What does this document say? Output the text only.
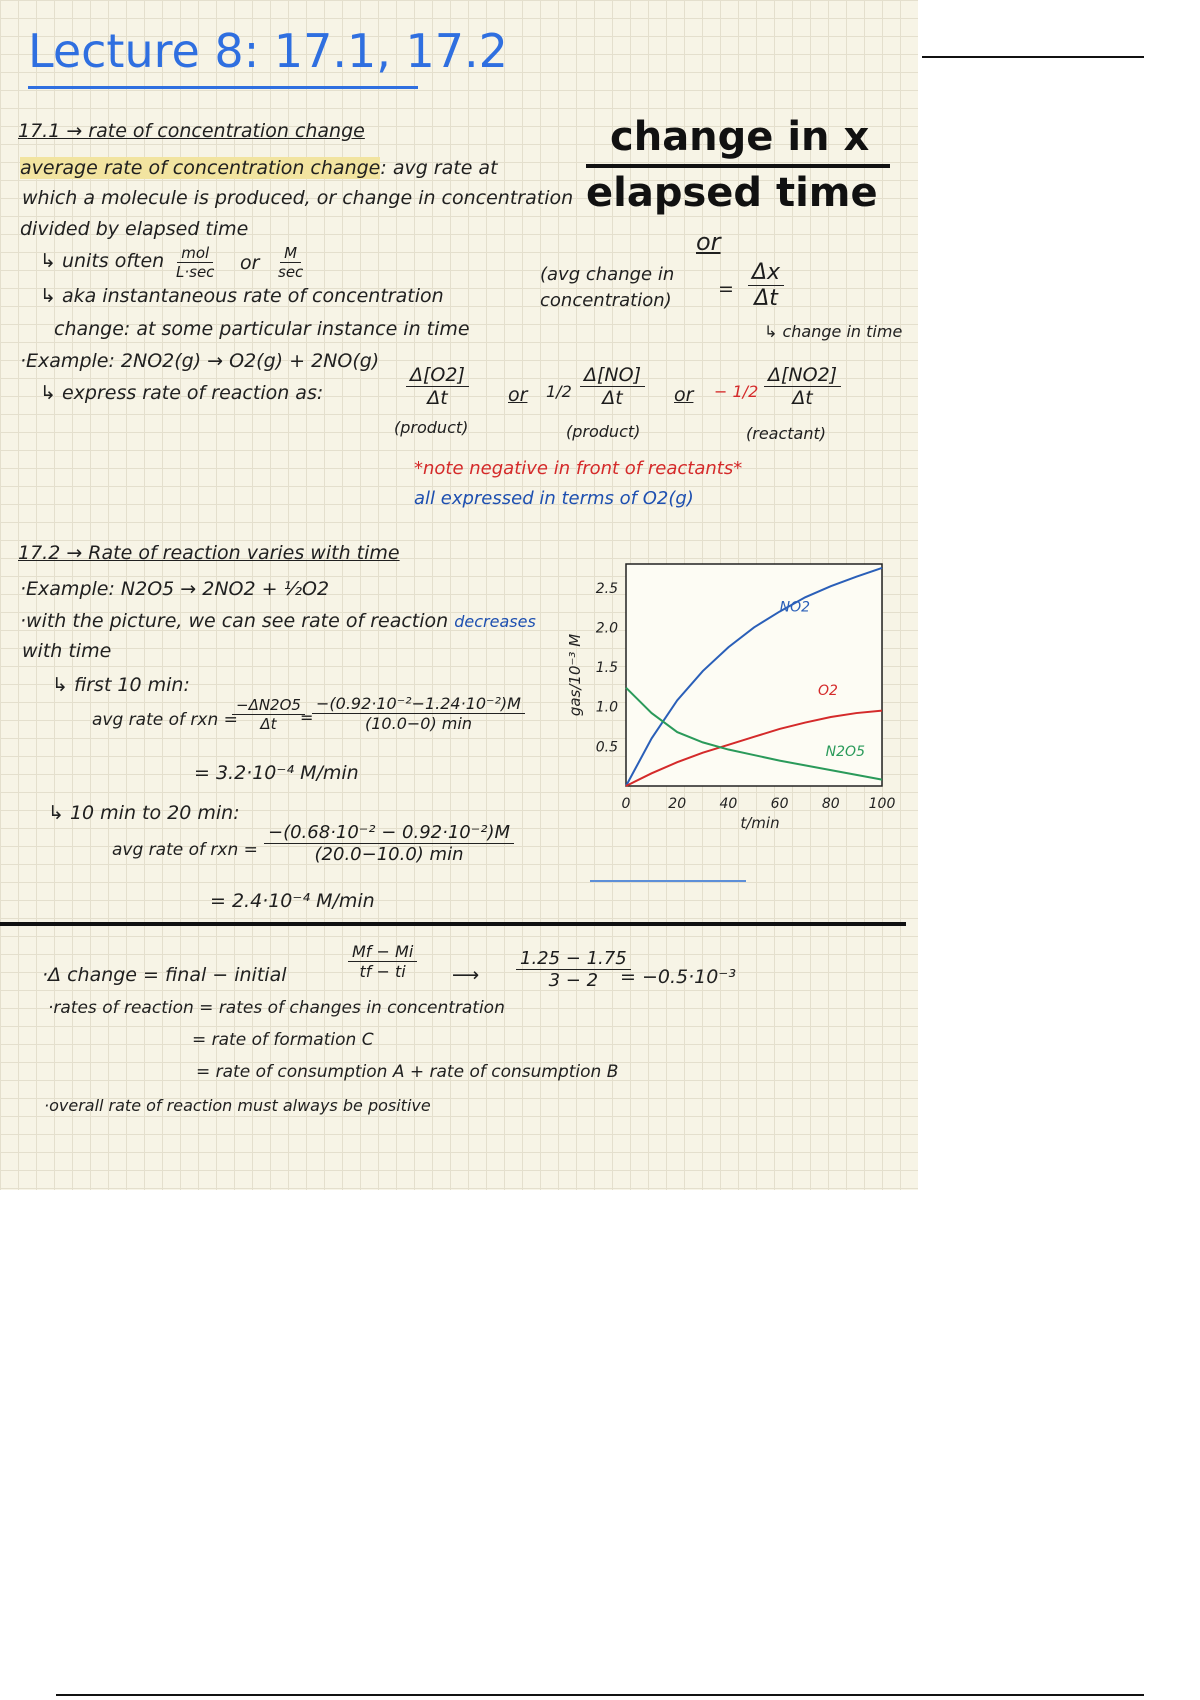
Lecture 8: 17.1, 17.2
17.1 → rate of concentration change
average rate of concentration change: avg rate at
which a molecule is produced, or change in concentration
divided by elapsed time
↳ units often mol
L·sec or M
sec
↳ aka instantaneous rate of concentration
change: at some particular instance in time
·Example: 2NO2(g) → O2(g) + 2NO(g)
↳ express rate of reaction as:	$\frac{\Delta[O2]}{\Delta t}$
(product)
or $1/2 \frac{\Delta[NO]}{\Delta t}$
(product)
or − $1/2 \frac{\Delta[NO2]}{\Delta t}$
(reactant)
*note negative in front of reactants*
all expressed in terms of O2(g)
change in x
elapsed time
or
(avg change in
concentration)
= $\frac{\Delta x}{\Delta t}$
↳ change in time
17.2 → Rate of reaction varies with time
·Example: N2O5 → 2NO2 + ½O2
·with the picture, we can see rate of reaction decreases
with time
↳ first 10 min:
avg rate of rxn =
$\frac{-\Delta N2O5}{\Delta t}$
=
−(0.92·10⁻²−1.24·10⁻²)M
(10.0−0) min
= 3.2·10⁻⁴ M/min
↳ 10 min to 20 min:
avg rate of rxn =
−(0.68·10⁻² − 0.92·10⁻²)M
(20.0−10.0) min
= 2.4·10⁻⁴ M/min
0	20 40 60 80 100
0.5
1.0
1.5
2.0
2.5
t/min
gas/10⁻³ M
NO2
O2
N2O5
·Δ change = final − initial	$\frac{Mf - Mi}{tf - ti}$ ⟶ $\frac{1.25 - 1.75}{3 - 2}$
= −0.5·10⁻³
·rates of reaction = rates of changes in concentration
= rate of formation C
= rate of consumption A + rate of consumption B
·overall rate of reaction must always be positive
